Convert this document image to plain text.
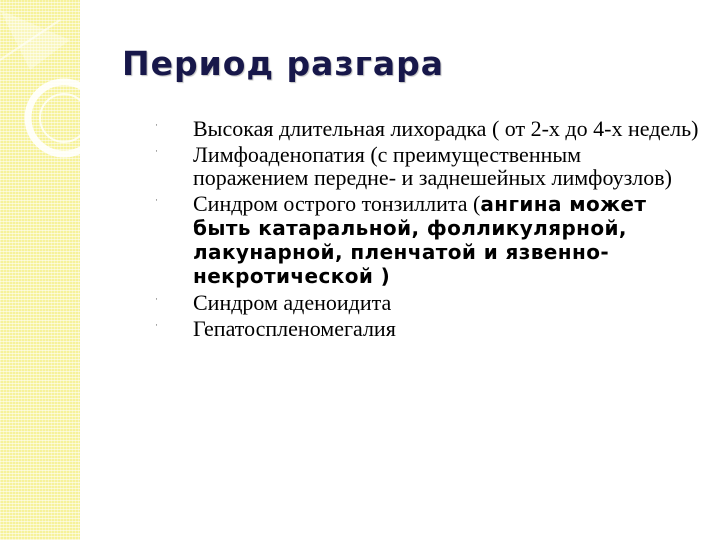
Период разгара
· Высокая длительная лихорадка ( от 2-х до 4-х недель)
· Лимфоаденопатия (с преимущественным поражением передне- и заднешейных лимфоузлов)
· Синдром острого тонзиллита (ангина может быть катаральной, фолликулярной, лакунарной, пленчатой и язвенно-некротической )
· Синдром аденоидита
· Гепатоспленомегалия
